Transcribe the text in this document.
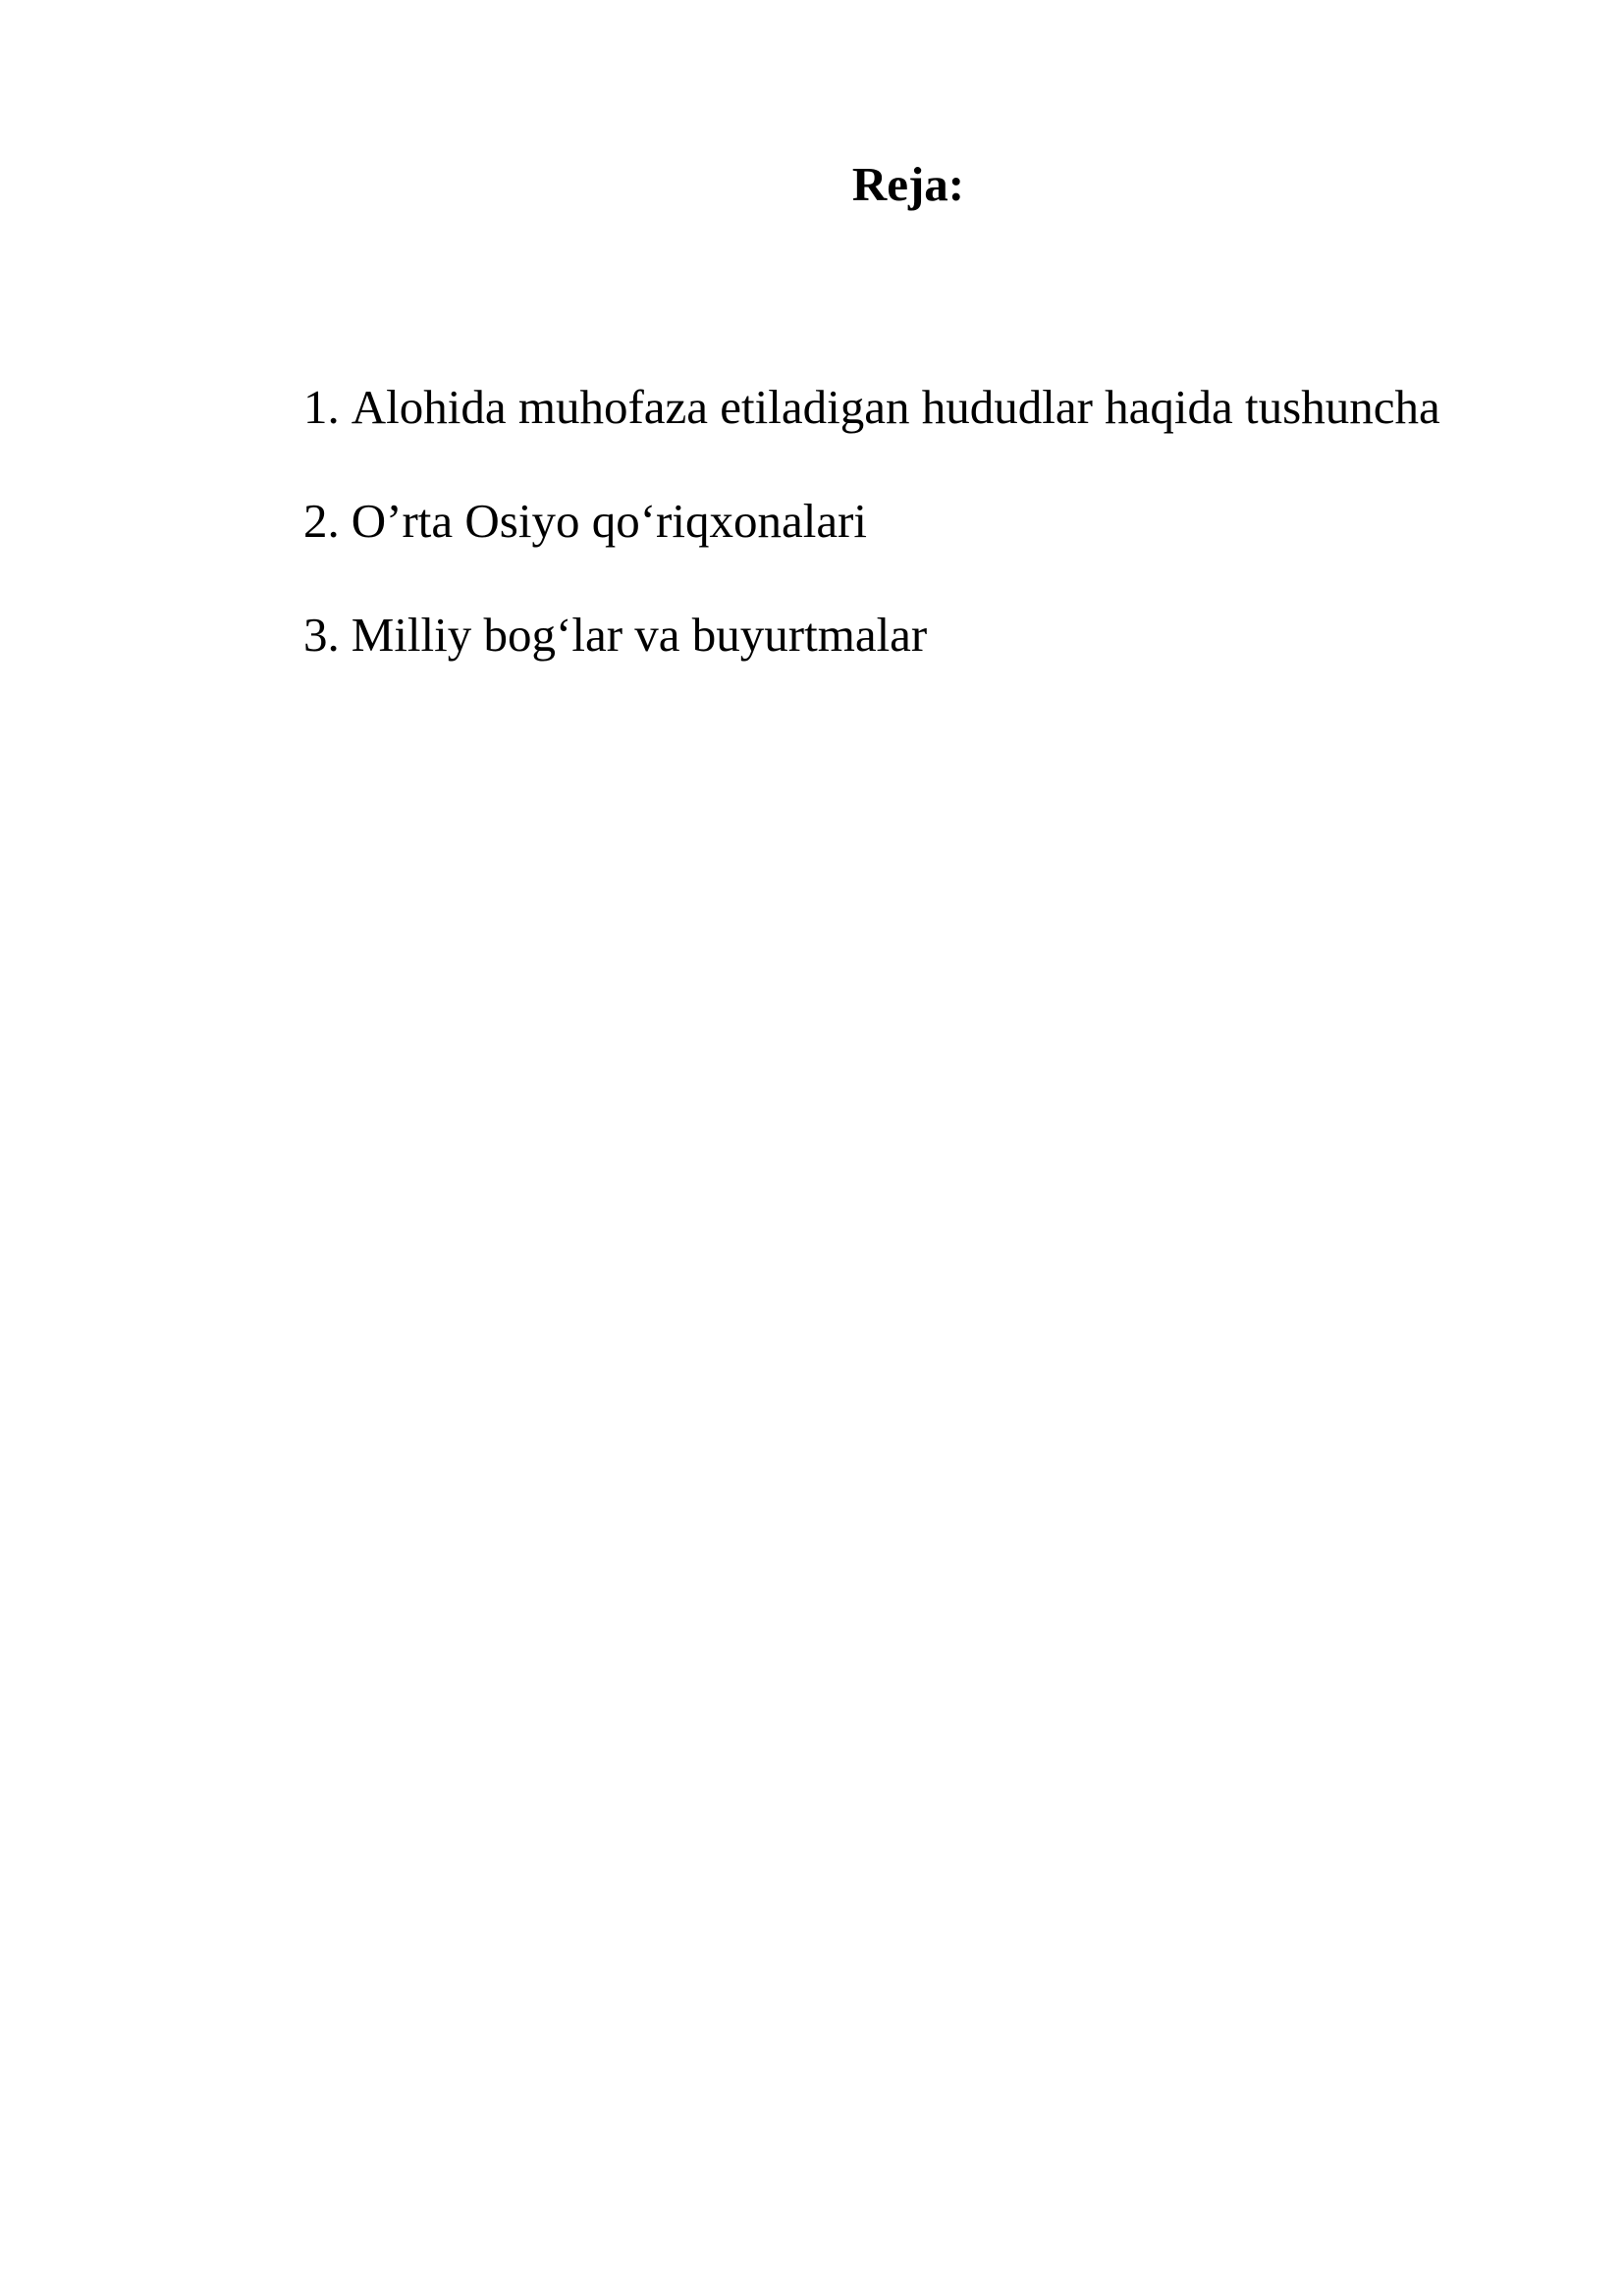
Reja:
1. Alohida muhofaza etiladigan hududlar haqida tushuncha
2. O’rta Osiyo qo‘riqxonalari
3. Milliy bog‘lar va buyurtmalar
